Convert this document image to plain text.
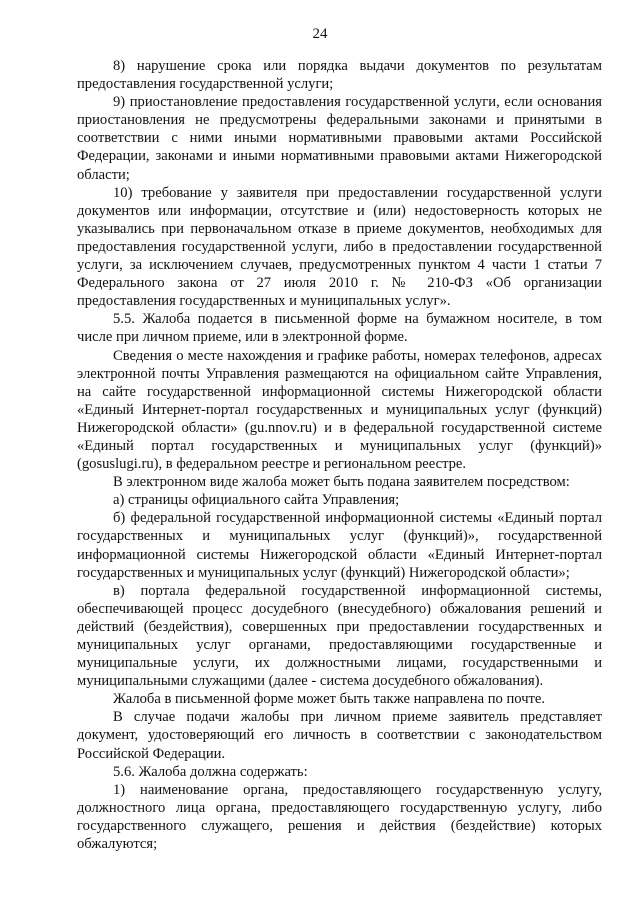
24

8) нарушение срока или порядка выдачи документов по результатам предоставления государственной услуги;

9) приостановление предоставления государственной услуги, если основания приостановления не предусмотрены федеральными законами и принятыми в соответствии с ними иными нормативными правовыми актами Российской Федерации, законами и иными нормативными правовыми актами Нижегородской области;

10) требование у заявителя при предоставлении государственной услуги документов или информации, отсутствие и (или) недостоверность которых не указывались при первоначальном отказе в приеме документов, необходимых для предоставления государственной услуги, либо в предоставлении государственной услуги, за исключением случаев, предусмотренных пунктом 4 части 1 статьи 7 Федерального закона от 27 июля 2010 г. № 210-ФЗ «Об организации предоставления государственных и муниципальных услуг».

5.5. Жалоба подается в письменной форме на бумажном носителе, в том числе при личном приеме, или в электронной форме.

Сведения о месте нахождения и графике работы, номерах телефонов, адресах электронной почты Управления размещаются на официальном сайте Управления, на сайте государственной информационной системы Нижегородской области «Единый Интернет-портал государственных и муниципальных услуг (функций) Нижегородской области» (gu.nnov.ru) и в федеральной государственной системе «Единый портал государственных и муниципальных услуг (функций)» (gosuslugi.ru), в федеральном реестре и региональном реестре.

В электронном виде жалоба может быть подана заявителем посредством:

а) страницы официального сайта Управления;

б) федеральной государственной информационной системы «Единый портал государственных и муниципальных услуг (функций)», государственной информационной системы Нижегородской области «Единый Интернет-портал государственных и муниципальных услуг (функций) Нижегородской области»;

в) портала федеральной государственной информационной системы, обеспечивающей процесс досудебного (внесудебного) обжалования решений и действий (бездействия), совершенных при предоставлении государственных и муниципальных услуг органами, предоставляющими государственные и муниципальные услуги, их должностными лицами, государственными и муниципальными служащими (далее - система досудебного обжалования).

Жалоба в письменной форме может быть также направлена по почте.

В случае подачи жалобы при личном приеме заявитель представляет документ, удостоверяющий его личность в соответствии с законодательством Российской Федерации.

5.6. Жалоба должна содержать:

1) наименование органа, предоставляющего государственную услугу, должностного лица органа, предоставляющего государственную услугу, либо государственного служащего, решения и действия (бездействие) которых обжалуются;
